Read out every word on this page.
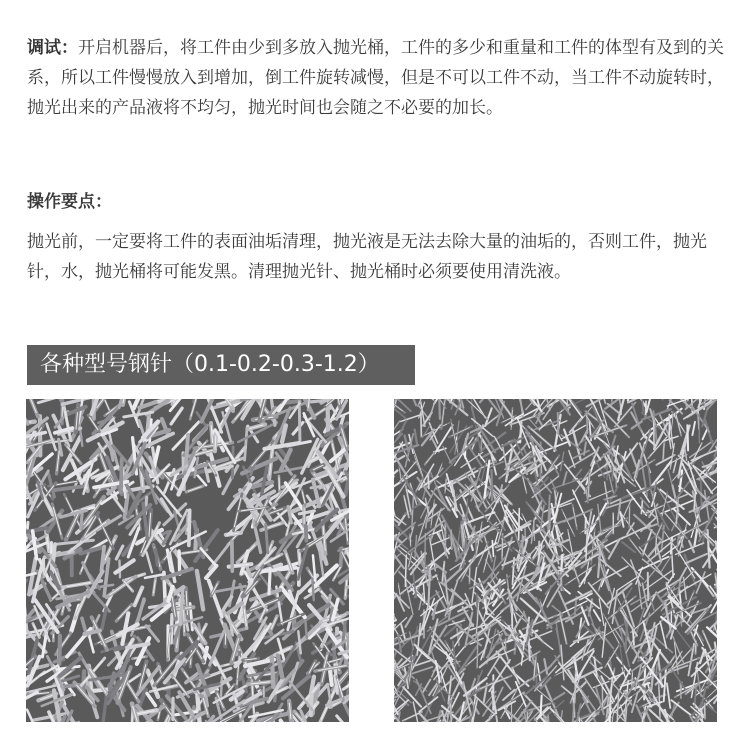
调试：开启机器后，将工件由少到多放入抛光桶，工件的多少和重量和工件的体型有及到的关系，所以工件慢慢放入到增加，倒工件旋转减慢，但是不可以工件不动，当工件不动旋转时，抛光出来的产品液将不均匀，抛光时间也会随之不必要的加长。
操作要点：
抛光前，一定要将工件的表面油垢清理，抛光液是无法去除大量的油垢的，否则工件，抛光针，水，抛光桶将可能发黑。清理抛光针、抛光桶时必须要使用清洗液。
各种型号钢针（0.1-0.2-0.3-1.2）
